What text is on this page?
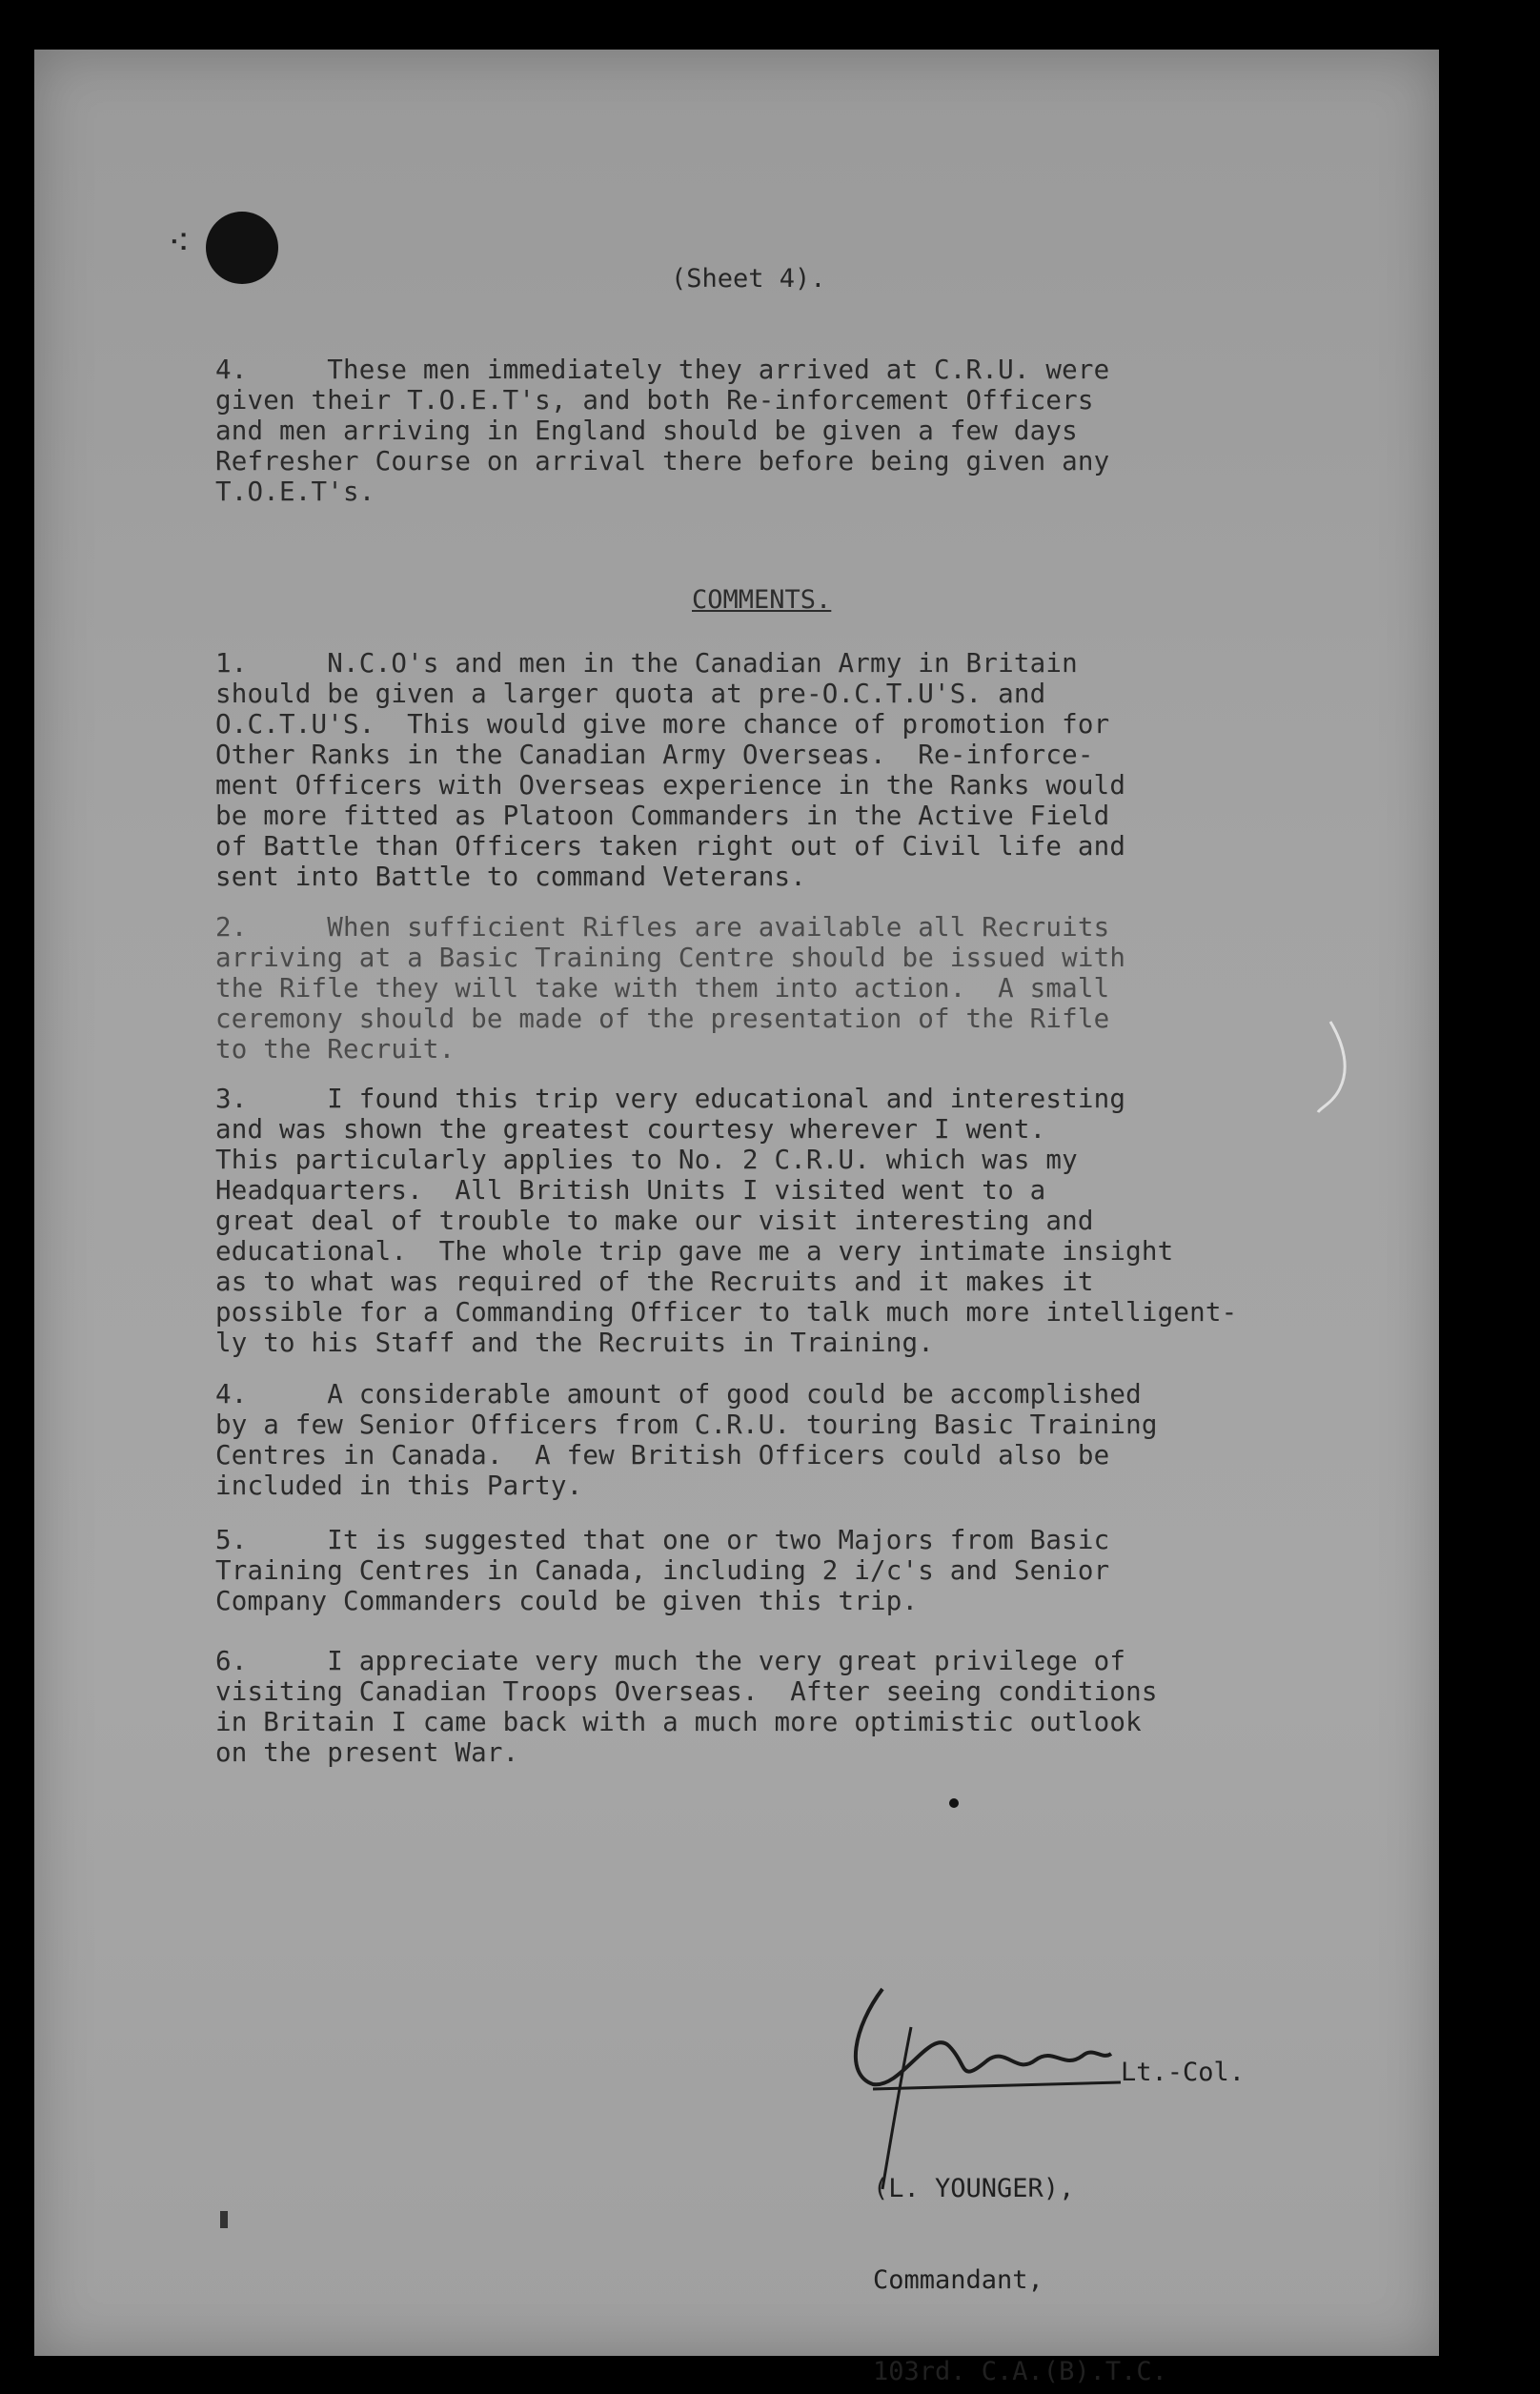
⁖
(Sheet 4).
4.     These men immediately they arrived at C.R.U. were
given their T.O.E.T's, and both Re-inforcement Officers
and men arriving in England should be given a few days
Refresher Course on arrival there before being given any
T.O.E.T's.
COMMENTS.
1.     N.C.O's and men in the Canadian Army in Britain
should be given a larger quota at pre-O.C.T.U'S. and
O.C.T.U'S.  This would give more chance of promotion for
Other Ranks in the Canadian Army Overseas.  Re-inforce-
ment Officers with Overseas experience in the Ranks would
be more fitted as Platoon Commanders in the Active Field
of Battle than Officers taken right out of Civil life and
sent into Battle to command Veterans.
2.     When sufficient Rifles are available all Recruits
arriving at a Basic Training Centre should be issued with
the Rifle they will take with them into action.  A small
ceremony should be made of the presentation of the Rifle
to the Recruit.
3.     I found this trip very educational and interesting
and was shown the greatest courtesy wherever I went.
This particularly applies to No. 2 C.R.U. which was my
Headquarters.  All British Units I visited went to a
great deal of trouble to make our visit interesting and
educational.  The whole trip gave me a very intimate insight
as to what was required of the Recruits and it makes it
possible for a Commanding Officer to talk much more intelligent-
ly to his Staff and the Recruits in Training.
4.     A considerable amount of good could be accomplished
by a few Senior Officers from C.R.U. touring Basic Training
Centres in Canada.  A few British Officers could also be
included in this Party.
5.     It is suggested that one or two Majors from Basic
Training Centres in Canada, including 2 i/c's and Senior
Company Commanders could be given this trip.
6.     I appreciate very much the very great privilege of
visiting Canadian Troops Overseas.  After seeing conditions
in Britain I came back with a much more optimistic outlook
on the present War.
Lt.-Col.

(L. YOUNGER),

Commandant,

103rd. C.A.(B).T.C.
